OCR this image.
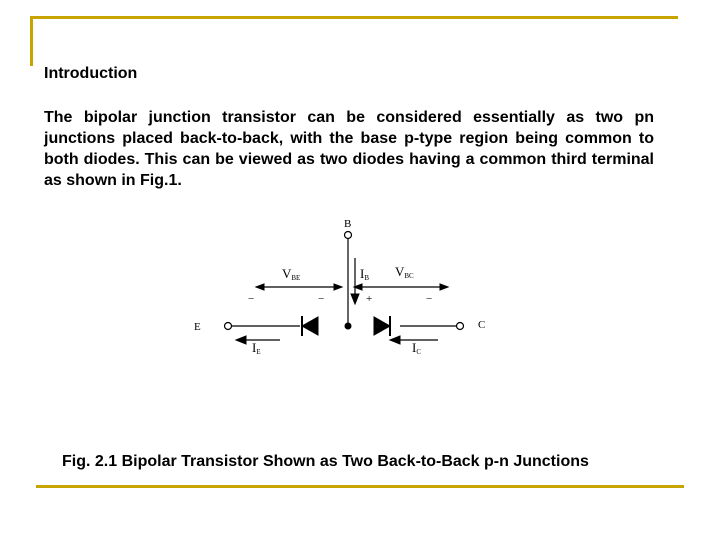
Introduction
The bipolar junction transistor can be considered essentially as two pn junctions placed back-to-back, with the base p-type region being common to both diodes. This can be viewed as two diodes having a common third terminal as shown in Fig.1.
B
E	C
VBE	VBC
IB
IE	IC
−	−	+	−
Fig. 2.1 Bipolar Transistor Shown as Two Back-to-Back p-n Junctions
